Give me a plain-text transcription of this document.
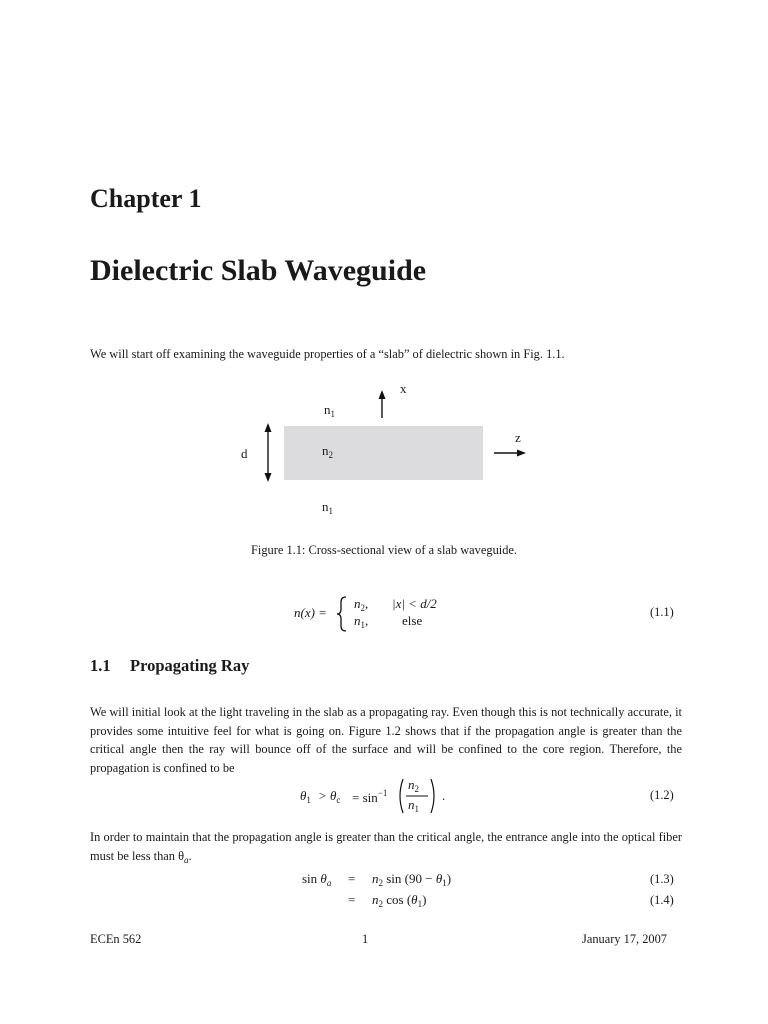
Chapter 1
Dielectric Slab Waveguide
We will start off examining the waveguide properties of a “slab” of dielectric shown in Fig. 1.1.
x
z
d
$n_1$
$n_2$
$n_1$
Figure 1.1: Cross-sectional view of a slab waveguide.
n(x) =
$n_2$, |x| < d/2
$n_1$,	else
(1.1)
1.1 Propagating Ray
We will initial look at the light traveling in the slab as a propagating ray. Even though this is not technically accurate, it provides some intuitive feel for what is going on. Figure 1.2 shows that if the propagation angle is greater than the critical angle then the ray will bounce off of the surface and will be confined to the core region. Therefore, the propagation is confined to be
$\theta_1 > \theta_c = \sin^{-1}$
$n_2$
$n_1$
.	(1.2)
In order to maintain that the propagation angle is greater than the critical angle, the entrance angle into the optical fiber must be less than $\theta_a$.
$\sin \theta_a = n_2$ $\sin (90 - \theta_1)$	(1.3)
= $n_2$ $\cos (\theta_1)$	(1.4)
ECEn 562	1	January 17, 2007
